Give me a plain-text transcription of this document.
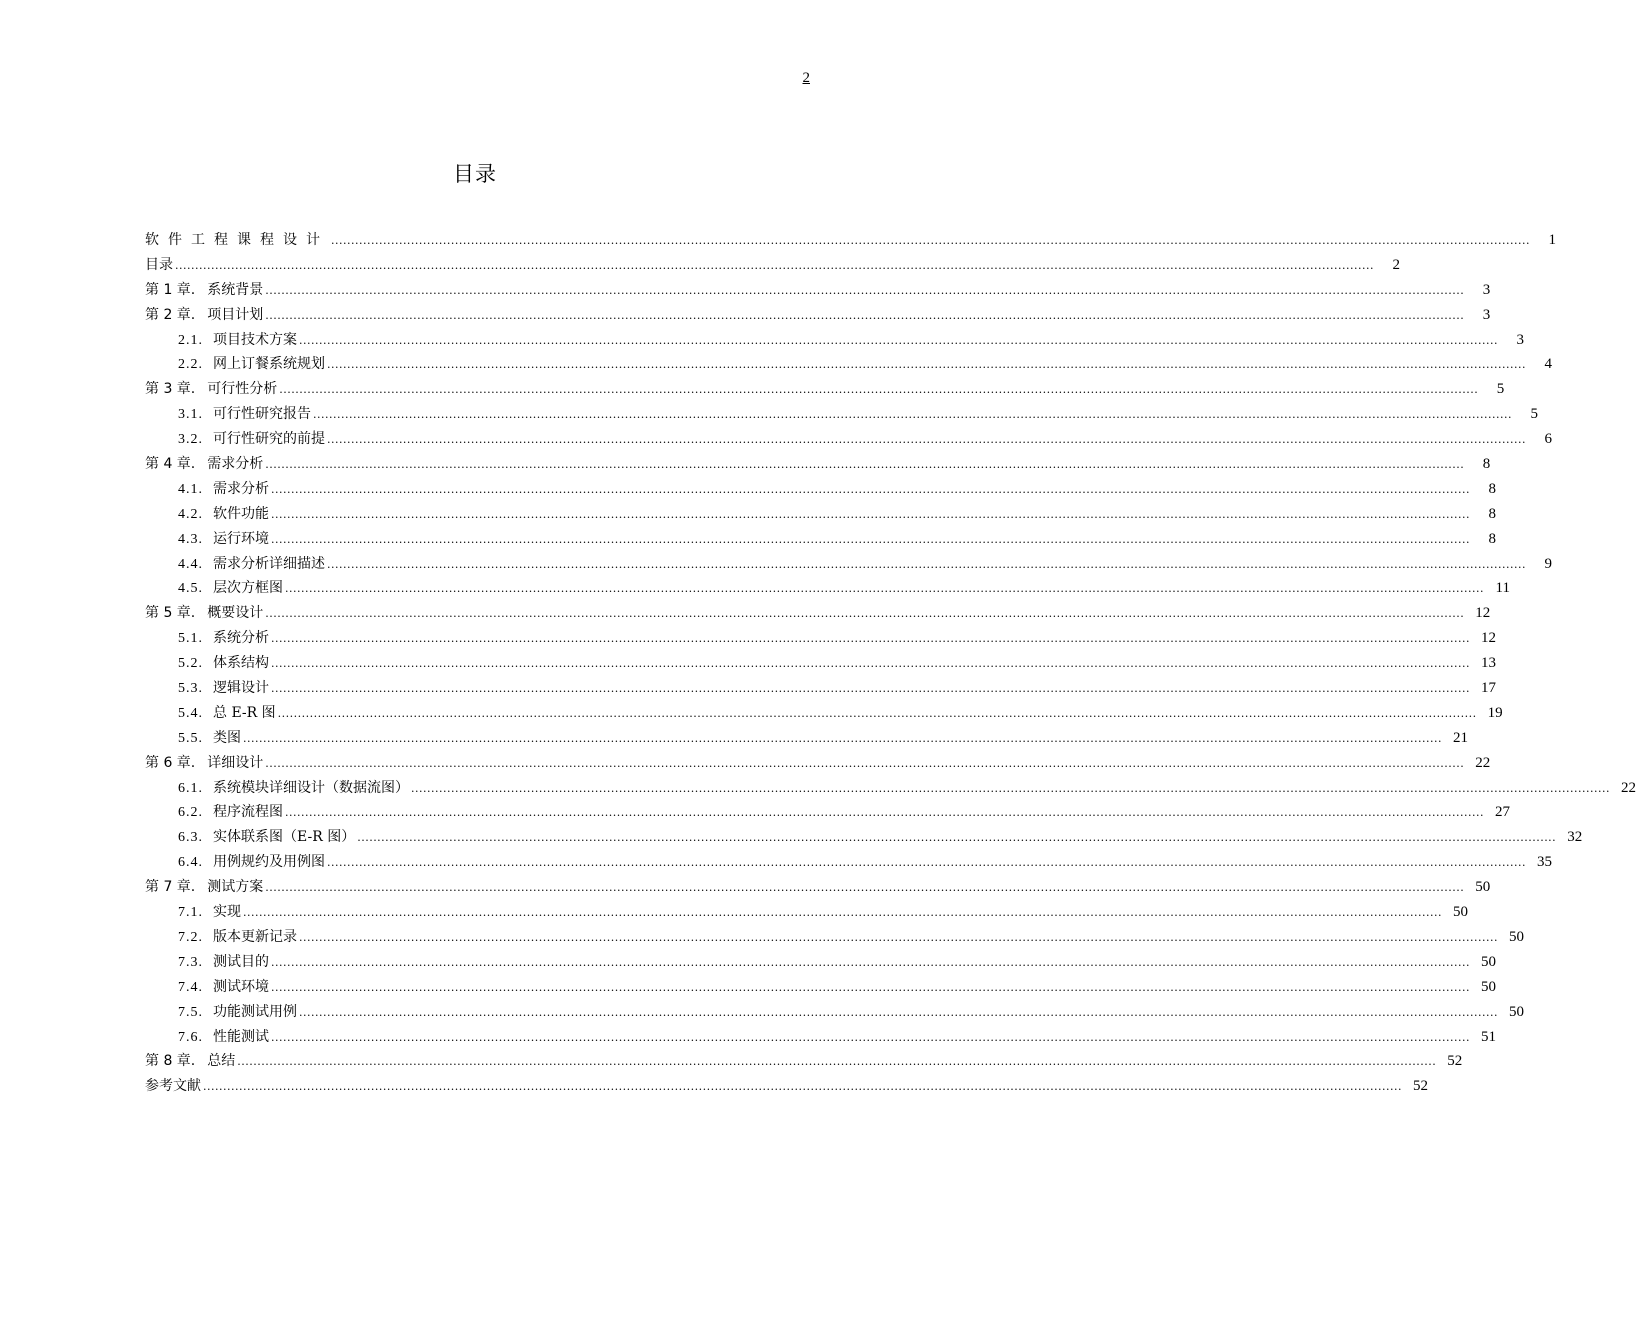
2
目录
软件工程课程设计 ............................................................................................................................................................................................................................................................................................................	1
目录 ............................................................................................................................................................................................................................................................................................................	2
第 1 章. 系统背景 ............................................................................................................................................................................................................................................................................................................	3
第 2 章. 项目计划 ............................................................................................................................................................................................................................................................................................................	3
2.1. 项目技术方案 ............................................................................................................................................................................................................................................................................................................	3
2.2. 网上订餐系统规划 ............................................................................................................................................................................................................................................................................................................	4
第 3 章. 可行性分析 ............................................................................................................................................................................................................................................................................................................	5
3.1. 可行性研究报告 ............................................................................................................................................................................................................................................................................................................	5
3.2. 可行性研究的前提 ............................................................................................................................................................................................................................................................................................................	6
第 4 章. 需求分析 ............................................................................................................................................................................................................................................................................................................	8
4.1. 需求分析 ............................................................................................................................................................................................................................................................................................................	8
4.2. 软件功能 ............................................................................................................................................................................................................................................................................................................	8
4.3. 运行环境 ............................................................................................................................................................................................................................................................................................................	8
4.4. 需求分析详细描述 ............................................................................................................................................................................................................................................................................................................	9
4.5. 层次方框图 ............................................................................................................................................................................................................................................................................................................ 11
第 5 章. 概要设计 ............................................................................................................................................................................................................................................................................................................ 12
5.1. 系统分析 ............................................................................................................................................................................................................................................................................................................ 12
5.2. 体系结构 ............................................................................................................................................................................................................................................................................................................ 13
5.3. 逻辑设计 ............................................................................................................................................................................................................................................................................................................ 17
5.4. 总 E-R 图 ............................................................................................................................................................................................................................................................................................................ 19
5.5. 类图 ............................................................................................................................................................................................................................................................................................................ 21
第 6 章. 详细设计 ............................................................................................................................................................................................................................................................................................................ 22
6.1. 系统模块详细设计（数据流图） ............................................................................................................................................................................................................................................................................................................ 22
6.2. 程序流程图 ............................................................................................................................................................................................................................................................................................................ 27
6.3. 实体联系图（E-R 图） ............................................................................................................................................................................................................................................................................................................ 32
6.4. 用例规约及用例图 ............................................................................................................................................................................................................................................................................................................ 35
第 7 章. 测试方案 ............................................................................................................................................................................................................................................................................................................ 50
7.1. 实现 ............................................................................................................................................................................................................................................................................................................ 50
7.2. 版本更新记录 ............................................................................................................................................................................................................................................................................................................ 50
7.3. 测试目的 ............................................................................................................................................................................................................................................................................................................ 50
7.4. 测试环境 ............................................................................................................................................................................................................................................................................................................ 50
7.5. 功能测试用例 ............................................................................................................................................................................................................................................................................................................ 50
7.6. 性能测试 ............................................................................................................................................................................................................................................................................................................ 51
第 8 章. 总结 ............................................................................................................................................................................................................................................................................................................ 52
参考文献 ............................................................................................................................................................................................................................................................................................................ 52
